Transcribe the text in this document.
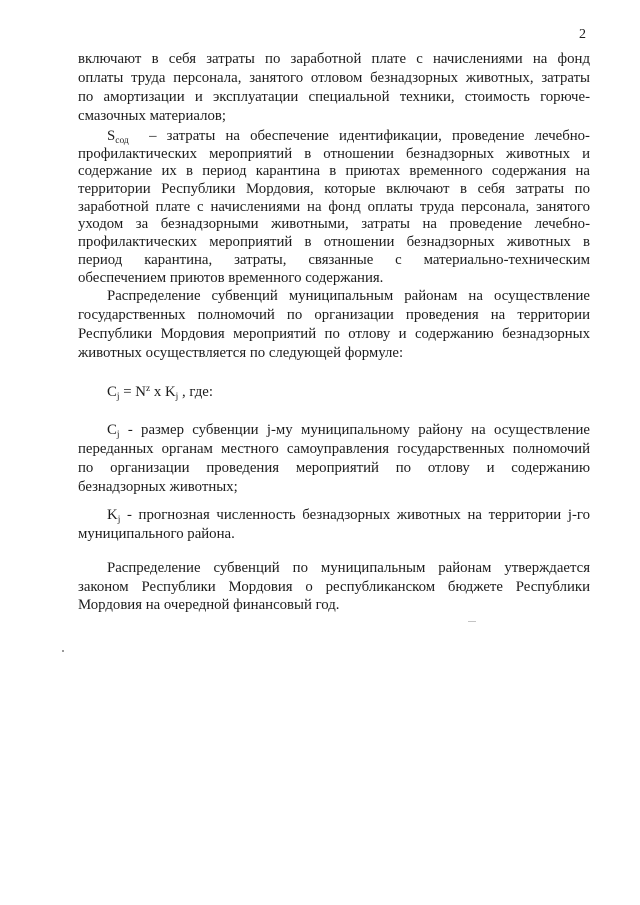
2
включают в себя затраты по заработной плате с начислениями на фонд
оплаты труда персонала, занятого отловом безнадзорных животных, затраты
по амортизации и эксплуатации специальной техники, стоимость горюче-
смазочных материалов;
$S_{сод}$  – затраты на обеспечение идентификации, проведение лечебно-
профилактических мероприятий в отношении безнадзорных животных и
содержание их в период карантина в приютах временного содержания на
территории Республики Мордовия, которые включают в себя затраты по
заработной плате с начислениями на фонд оплаты труда персонала, занятого
уходом за безнадзорными животными, затраты на проведение лечебно-
профилактических мероприятий в отношении безнадзорных животных в
период карантина, затраты, связанные с материально-техническим
обеспечением приютов временного содержания.
Распределение субвенций муниципальным районам на осуществление
государственных полномочий по организации проведения на территории
Республики Мордовия мероприятий по отлову и содержанию безнадзорных
животных осуществляется по следующей формуле:
$C_j = N^z$ x $K_j$ , где:
$C_j$ - размер субвенции j-му муниципальному району на осуществление
переданных органам местного самоуправления государственных полномочий
по организации проведения мероприятий по отлову и содержанию
безнадзорных животных;
$K_j$ - прогнозная численность безнадзорных животных на территории j-го
муниципального района.
Распределение субвенций по муниципальным районам утверждается
законом Республики Мордовия о республиканском бюджете Республики
Мордовия на очередной финансовый год.
